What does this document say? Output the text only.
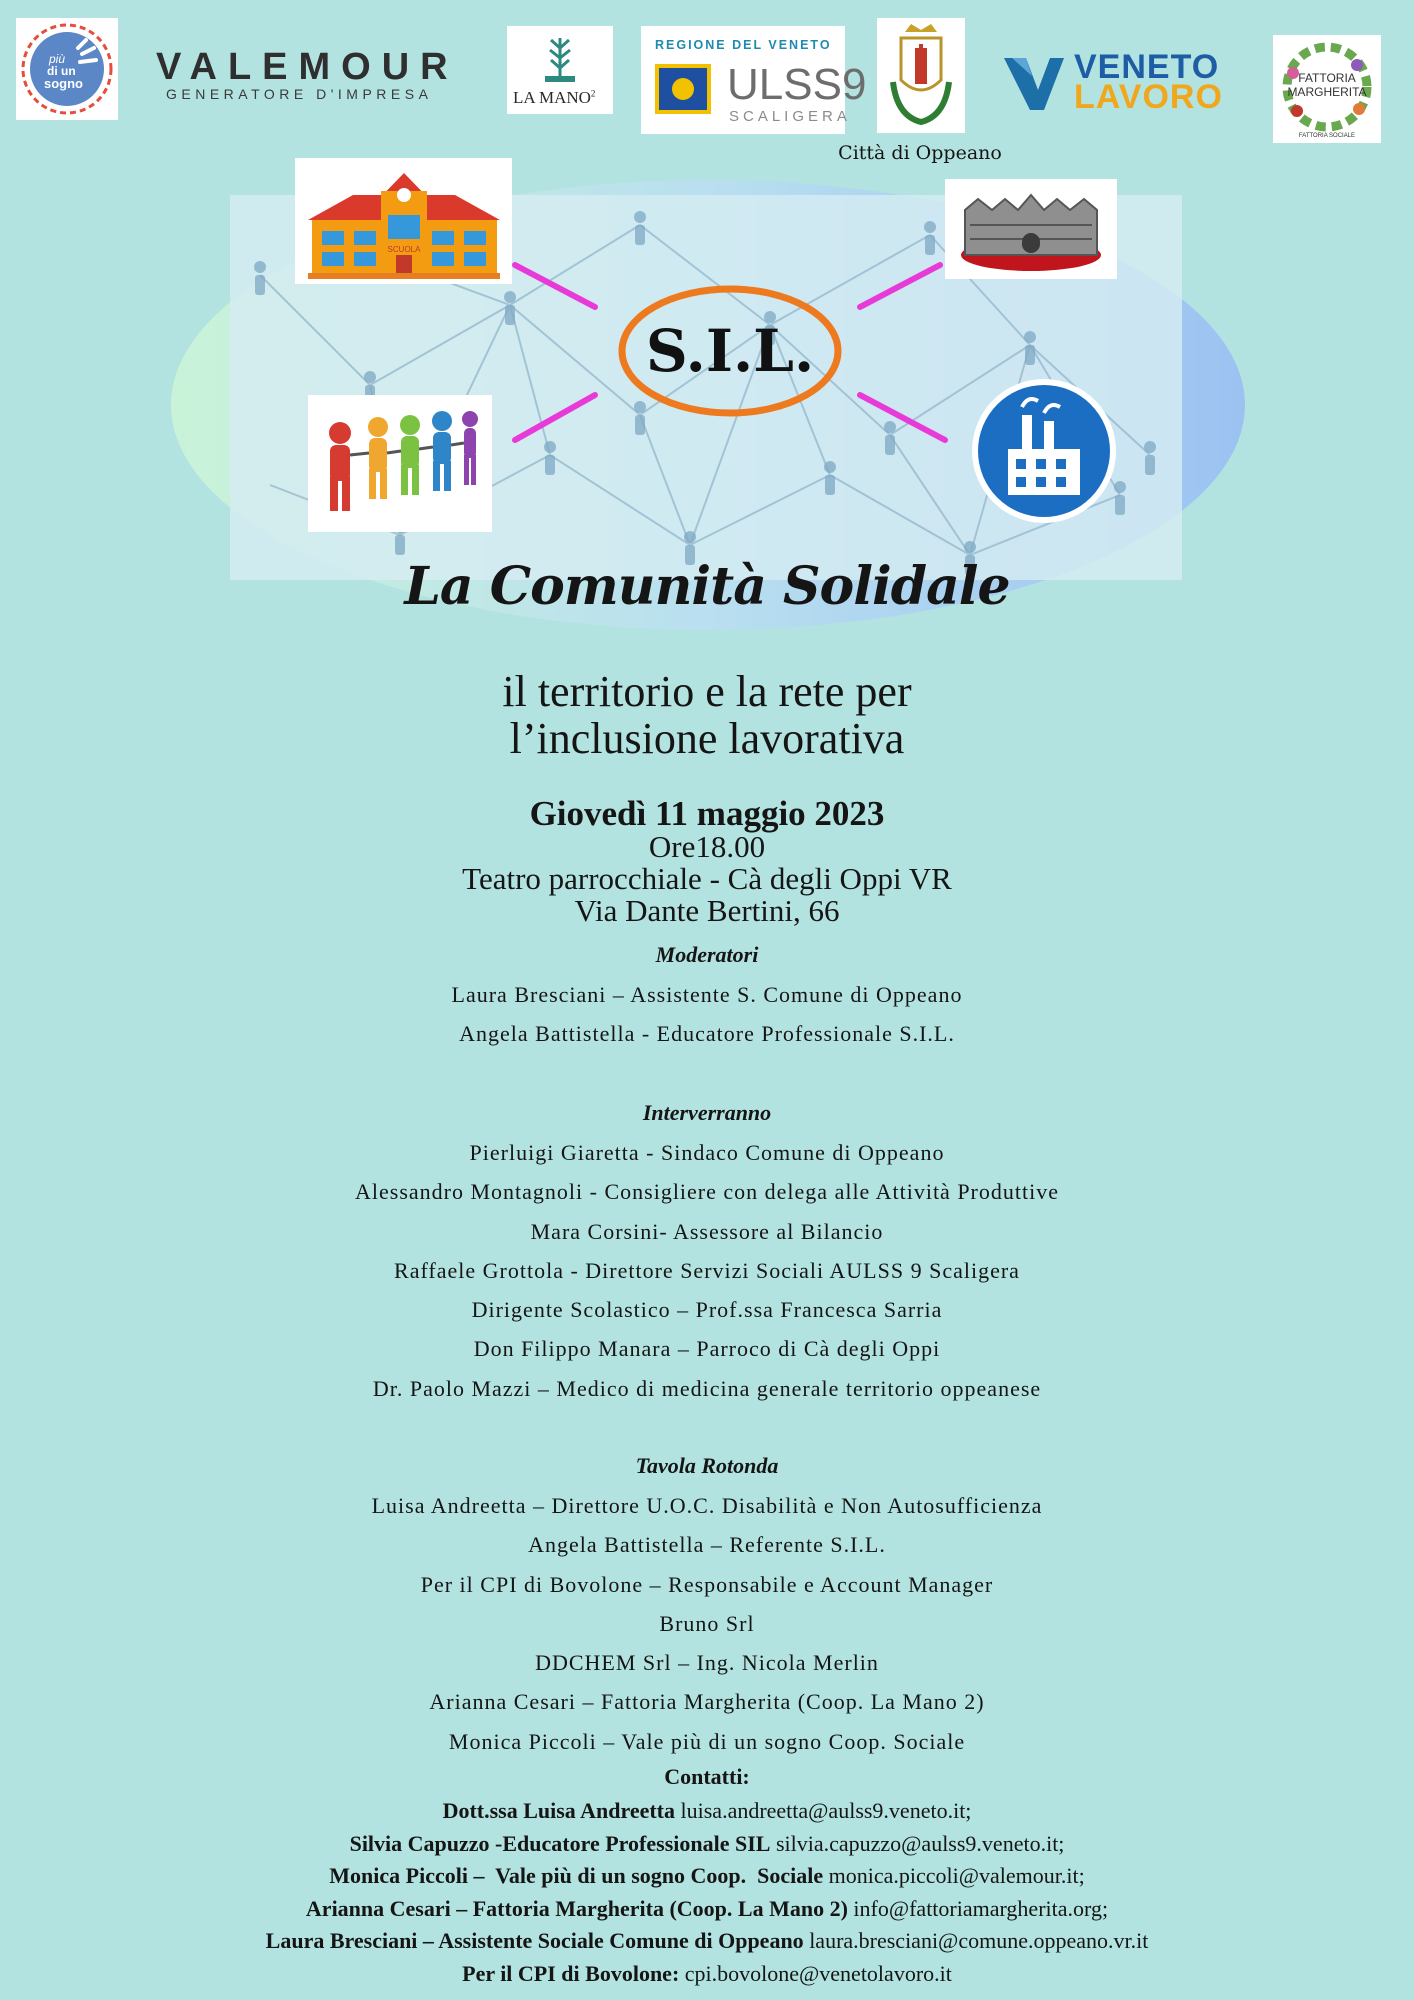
più
di un
sogno VALEMOUR
GENERATORE D'IMPRESA	LA MANO$^2$
REGIONE DEL VENETO
ULSS9
SCALIGERA
Città di Oppeano
VENETO
LAVORO	FATTORIA
MARGHERITA
FATTORIA SOCIALE
S.I.L.
SCUOLA
La Comunità Solidale
il territorio e la rete per
l’inclusione lavorativa
Giovedì 11 maggio 2023
Ore18.00
Teatro parrocchiale - Cà degli Oppi VR
Via Dante Bertini, 66
Moderatori
Laura Bresciani – Assistente S. Comune di Oppeano
Angela Battistella - Educatore Professionale S.I.L.
Interverranno
Pierluigi Giaretta - Sindaco Comune di Oppeano
Alessandro Montagnoli - Consigliere con delega alle Attività Produttive
Mara Corsini- Assessore al Bilancio
Raffaele Grottola - Direttore Servizi Sociali AULSS 9 Scaligera
Dirigente Scolastico – Prof.ssa Francesca Sarria
Don Filippo Manara – Parroco di Cà degli Oppi
Dr. Paolo Mazzi – Medico di medicina generale territorio oppeanese
Tavola Rotonda
Luisa Andreetta – Direttore U.O.C. Disabilità e Non Autosufficienza
Angela Battistella – Referente S.I.L.
Per il CPI di Bovolone – Responsabile e Account Manager
Bruno Srl
DDCHEM Srl – Ing. Nicola Merlin
Arianna Cesari – Fattoria Margherita (Coop. La Mano 2)
Monica Piccoli – Vale più di un sogno Coop. Sociale
Contatti:
Dott.ssa Luisa Andreetta luisa.andreetta@aulss9.veneto.it;
Silvia Capuzzo -Educatore Professionale SIL silvia.capuzzo@aulss9.veneto.it;
Monica Piccoli –  Vale più di un sogno Coop.  Sociale monica.piccoli@valemour.it;
Arianna Cesari – Fattoria Margherita (Coop. La Mano 2) info@fattoriamargherita.org;
Laura Bresciani – Assistente Sociale Comune di Oppeano laura.bresciani@comune.oppeano.vr.it
Per il CPI di Bovolone: cpi.bovolone@venetolavoro.it
